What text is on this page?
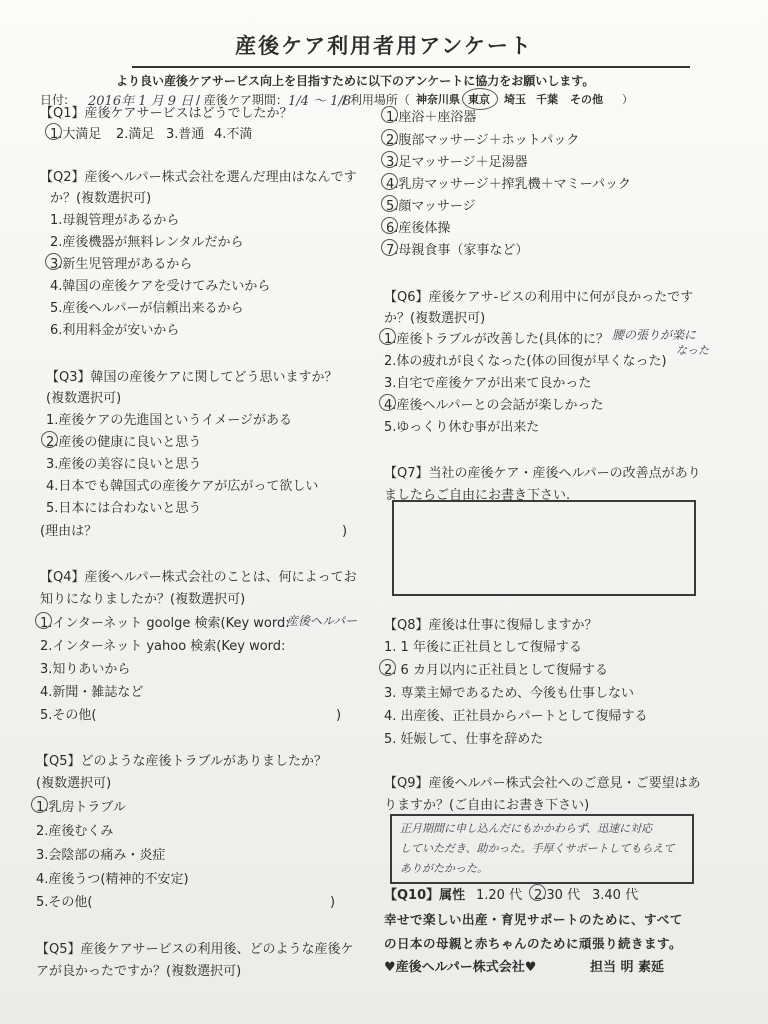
産後ケア利用者用アンケート
より良い産後ケアサービス向上を目指すために以下のアンケートに協力をお願いします。
日付: 2016年 1 月 9 日 / 産後ケア期間： 1/4 〜 1/8
/ 利用場所（ 神奈川県 東京 埼玉 千葉 その他 ）
【Q1】産後ケアサービスはどうでしたか？
1.大満足 2.満足 3.普通 4.不満
【Q2】産後ヘルパー株式会社を選んだ理由はなんです
か？(複数選択可)
1.母親管理があるから
2.産後機器が無料レンタルだから
3.新生児管理があるから
4.韓国の産後ケアを受けてみたいから
5.産後ヘルパーが信頼出来るから
6.利用料金が安いから
【Q3】韓国の産後ケアに関してどう思いますか？
(複数選択可)
1.産後ケアの先進国というイメージがある
2.産後の健康に良いと思う
3.産後の美容に良いと思う
4.日本でも韓国式の産後ケアが広がって欲しい
5.日本には合わないと思う
(理由は？	)
【Q4】産後ヘルパー株式会社のことは、何によってお
知りになりましたか？(複数選択可)
1.インターネット goolge 検索(Key word:
産後ヘルパー
2.インターネット yahoo 検索(Key word:
3.知りあいから
4.新聞・雑誌など
5.その他(	)
【Q5】どのような産後トラブルがありましたか？
(複数選択可)
1.乳房トラブル
2.産後むくみ
3.会陰部の痛み・炎症
4.産後うつ(精神的不安定)
5.その他(	)
【Q5】産後ケアサービスの利用後、どのような産後ケ
アが良かったですか？(複数選択可)
1.座浴＋座浴器
2.腹部マッサージ＋ホットパック
3.足マッサージ＋足湯器
4.乳房マッサージ＋搾乳機＋マミーパック
5.顔マッサージ
6.産後体操
7.母親食事（家事など）
【Q6】産後ケアサ-ビスの利用中に何が良かったです
か？(複数選択可)
1.産後トラブルが改善した(具体的に？ 腰の張りが楽に
なった
2.体の疲れが良くなった(体の回復が早くなった)
3.自宅で産後ケアが出来て良かった
4.産後ヘルパーとの会話が楽しかった
5.ゆっくり休む事が出来た
【Q7】当社の産後ケア・産後ヘルパーの改善点があり
ましたらご自由にお書き下さい.
【Q8】産後は仕事に復帰しますか？
1. 1 年後に正社員として復帰する
2. 6 カ月以内に正社員として復帰する
3. 専業主婦であるため、今後も仕事しない
4. 出産後、正社員からパートとして復帰する
5. 妊娠して、仕事を辞めた
【Q9】産後ヘルパー株式会社へのご意見・ご要望はあ
りますか？(ご自由にお書き下さい)
正月期間に申し込んだにもかかわらず、迅速に対応
していただき、助かった。手厚くサポートしてもらえて
ありがたかった。
【Q10】属性 1.20 代 2.30 代 3.40 代
幸せで楽しい出産・育児サポートのために、すべて
の日本の母親と赤ちゃんのために頑張り続きます。
♥産後ヘルパー株式会社♥	担当 明 素延
